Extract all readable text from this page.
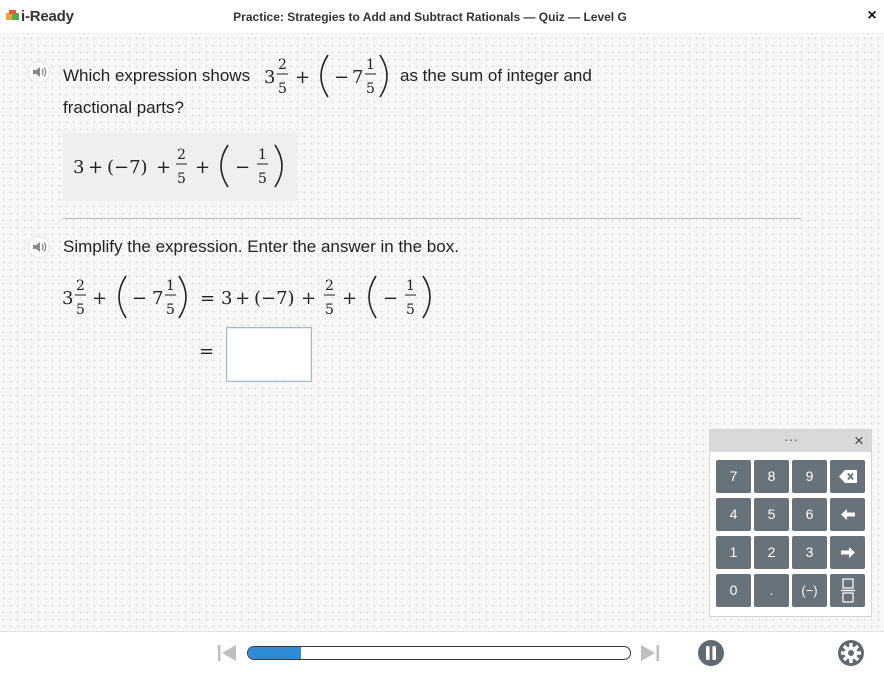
i-Ready	Practice: Strategies to Add and Subtract Rationals — Quiz — Level G	×
Which expression shows 3
2
5
+ − 7
1
5
as the sum of integer and
fractional parts?
3 + (−7) +
2
5
+ −
1
5
Simplify the expression. Enter the answer in the box.
3
2
5
+ − 7
1
5
= 3 + (−7) +
2
5
+ −
1
5
=
···	×
7	8	9
4	5	6
1	2	3
0	.	(−)
